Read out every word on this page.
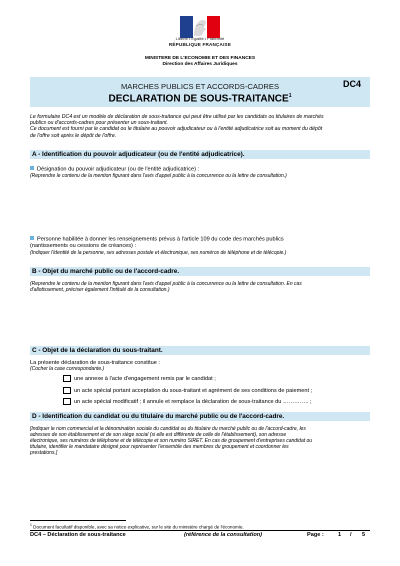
Liberté • Égalité • Fraternité
RÉPUBLIQUE FRANÇAISE
MINISTERE DE L'ECONOMIE ET DES FINANCES
Direction des Affaires Juridiques
MARCHES PUBLICS ET ACCORDS-CADRES
DECLARATION DE SOUS-TRAITANCE$^1$
DC4
Le formulaire DC4 est un modèle de déclaration de sous-traitance qui peut être utilisé par les candidats ou titulaires de marchés
publics ou d'accords-cadres pour présenter un sous-traitant.
Ce document est fourni par le candidat ou le titulaire au pouvoir adjudicateur ou à l'entité adjudicatrice soit au moment du dépôt
de l'offre soit après le dépôt de l'offre.
A - Identification du pouvoir adjudicateur (ou de l'entité adjudicatrice).
Désignation du pouvoir adjudicateur (ou de l'entité adjudicatrice) :
(Reprendre le contenu de la mention figurant dans l'avis d'appel public à la concurrence ou la lettre de consultation.)
Personne habilitée à donner les renseignements prévus à l'article 109 du code des marchés publics
(nantissements ou cessions de créances) :
(Indiquer l'identité de la personne, ses adresses postale et électronique, ses numéros de téléphone et de télécopie.)
B - Objet du marché public ou de l'accord-cadre.
(Reprendre le contenu de la mention figurant dans l'avis d'appel public à la concurrence ou la lettre de consultation. En cas
d'allotissement, préciser également l'intitulé de la consultation.)
C - Objet de la déclaration du sous-traitant.
La présente déclaration de sous-traitance constitue :
(Cocher la case correspondante.)
une annexe à l'acte d'engagement remis par le candidat ;
un acte spécial portant acceptation du sous-traitant et agrément de ses conditions de paiement ;
un acte spécial modificatif ; il annule et remplace la déclaration de sous-traitance du ………….. ;
D - Identification du candidat ou du titulaire du marché public ou de l'accord-cadre.
[Indiquer le nom commercial et la dénomination sociale du candidat ou du titulaire du marché public ou de l'accord-cadre, les
adresses de son établissement et de son siège social (si elle est différente de celle de l'établissement), son adresse
électronique, ses numéros de téléphone et de télécopie et son numéro SIRET. En cas de groupement d'entreprises candidat ou
titulaire, identifier le mandataire désigné pour représenter l'ensemble des membres du groupement et coordonner les
prestations.]
$^1$ Document facultatif disponible, avec sa notice explicative, sur le site du ministère chargé de l'économie.
DC4 – Déclaration de sous-traitance	(référence de la consultation)	Page :	1 / 5
